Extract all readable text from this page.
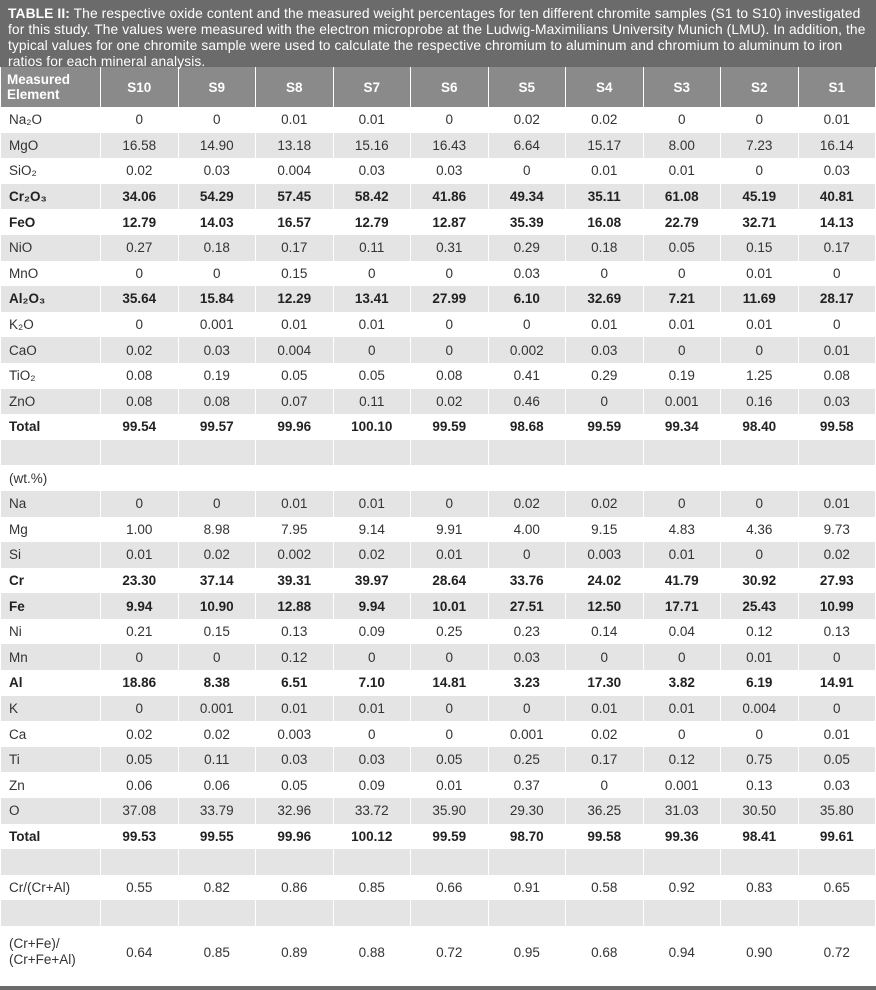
TABLE II: The respective oxide content and the measured weight percentages for ten different chromite samples (S1 to S10) investigated for this study. The values were measured with the electron microprobe at the Ludwig-Maximilians University Munich (LMU). In addition, the typical values for one chromite sample were used to calculate the respective chromium to aluminum and chromium to aluminum to iron ratios for each mineral analysis.
Measured
Element	S10	S9	S8	S7	S6	S5	S4	S3	S2	S1
Na₂O	0	0	0.01	0.01	0	0.02	0.02	0	0	0.01
MgO	16.58	14.90	13.18	15.16	16.43	6.64	15.17	8.00	7.23	16.14
SiO₂	0.02	0.03	0.004	0.03	0.03	0	0.01	0.01	0	0.03
Cr₂O₃	34.06	54.29	57.45	58.42	41.86	49.34	35.11	61.08	45.19	40.81
FeO	12.79	14.03	16.57	12.79	12.87	35.39	16.08	22.79	32.71	14.13
NiO	0.27	0.18	0.17	0.11	0.31	0.29	0.18	0.05	0.15	0.17
MnO	0	0	0.15	0	0	0.03	0	0	0.01	0
Al₂O₃	35.64	15.84	12.29	13.41	27.99	6.10	32.69	7.21	11.69	28.17
K₂O	0	0.001	0.01	0.01	0	0	0.01	0.01	0.01	0
CaO	0.02	0.03	0.004	0	0	0.002	0.03	0	0	0.01
TiO₂	0.08	0.19	0.05	0.05	0.08	0.41	0.29	0.19	1.25	0.08
ZnO	0.08	0.08	0.07	0.11	0.02	0.46	0	0.001	0.16	0.03
Total	99.54	99.57	99.96	100.10	99.59	98.68	99.59	99.34	98.40	99.58

(wt.%)										
Na	0	0	0.01	0.01	0	0.02	0.02	0	0	0.01
Mg	1.00	8.98	7.95	9.14	9.91	4.00	9.15	4.83	4.36	9.73
Si	0.01	0.02	0.002	0.02	0.01	0	0.003	0.01	0	0.02
Cr	23.30	37.14	39.31	39.97	28.64	33.76	24.02	41.79	30.92	27.93
Fe	9.94	10.90	12.88	9.94	10.01	27.51	12.50	17.71	25.43	10.99
Ni	0.21	0.15	0.13	0.09	0.25	0.23	0.14	0.04	0.12	0.13
Mn	0	0	0.12	0	0	0.03	0	0	0.01	0
Al	18.86	8.38	6.51	7.10	14.81	3.23	17.30	3.82	6.19	14.91
K	0	0.001	0.01	0.01	0	0	0.01	0.01	0.004	0
Ca	0.02	0.02	0.003	0	0	0.001	0.02	0	0	0.01
Ti	0.05	0.11	0.03	0.03	0.05	0.25	0.17	0.12	0.75	0.05
Zn	0.06	0.06	0.05	0.09	0.01	0.37	0	0.001	0.13	0.03
O	37.08	33.79	32.96	33.72	35.90	29.30	36.25	31.03	30.50	35.80
Total	99.53	99.55	99.96	100.12	99.59	98.70	99.58	99.36	98.41	99.61

Cr/(Cr+Al)	0.55	0.82	0.86	0.85	0.66	0.91	0.58	0.92	0.83	0.65

(Cr+Fe)/ (Cr+Fe+Al)	0.64	0.85	0.89	0.88	0.72	0.95	0.68	0.94	0.90	0.72
